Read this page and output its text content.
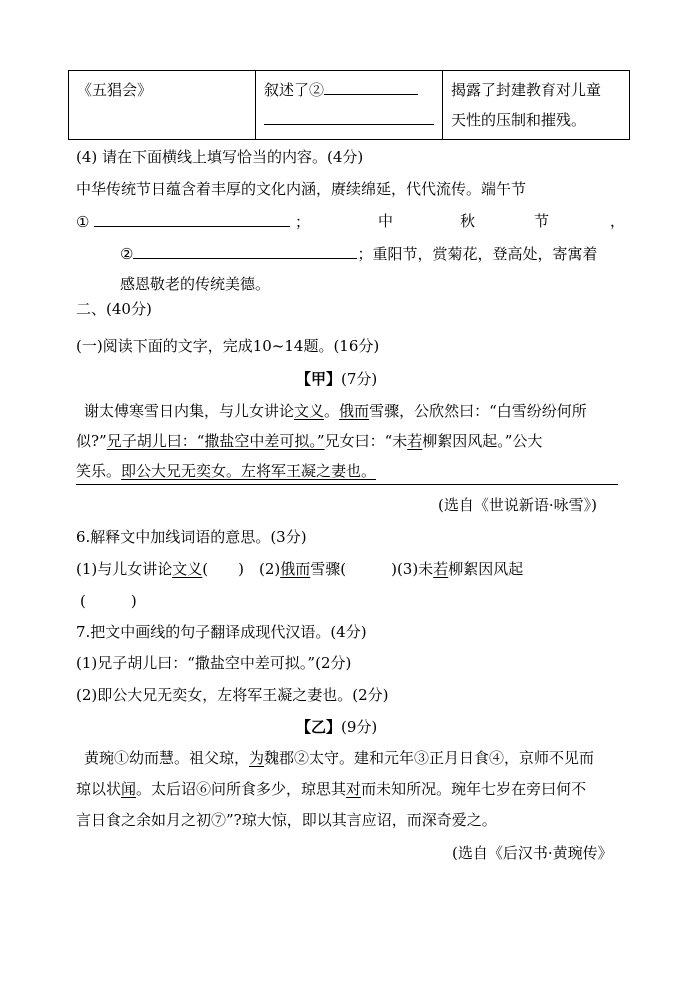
《五猖会》	叙述了②	揭露了封建教育对儿童
天性的压制和摧残。
(4) 请在下面横线上填写恰当的内容。(4分)
中华传统节日蕴含着丰厚的文化内涵，赓续绵延，代代流传。端午节
①	；	中	秋	节	，
②	；重阳节，赏菊花，登高处，寄寓着
感恩敬老的传统美德。
二、(40分)
(一)阅读下面的文字，完成10~14题。(16分)
【甲】(7分)
谢太傅寒雪日内集，与儿女讲论文义。俄而雪骤，公欣然曰：“白雪纷纷何所
似?”兄子胡儿曰：“撒盐空中差可拟。”兄女曰：“未若柳絮因风起。”公大
笑乐。即公大兄无奕女。左将军王凝之妻也。
(选自《世说新语·咏雪》)
6.解释文中加线词语的意思。(3分)
(1)与儿女讲论文义(　　)　(2)俄而雪骤(　　　)(3)未若柳絮因风起
(　　　)
7.把文中画线的句子翻译成现代汉语。(4分)
(1)兄子胡儿曰：“撒盐空中差可拟。”(2分)
(2)即公大兄无奕女，左将军王凝之妻也。(2分)
【乙】(9分)
黄琬①幼而慧。祖父琼，为魏郡②太守。建和元年③正月日食④，京师不见而
琼以状闻。太后诏⑥问所食多少，琼思其对而未知所况。琬年七岁在旁曰何不
言日食之余如月之初⑦”?琼大惊，即以其言应诏，而深奇爱之。
(选自《后汉书·黄琬传》
